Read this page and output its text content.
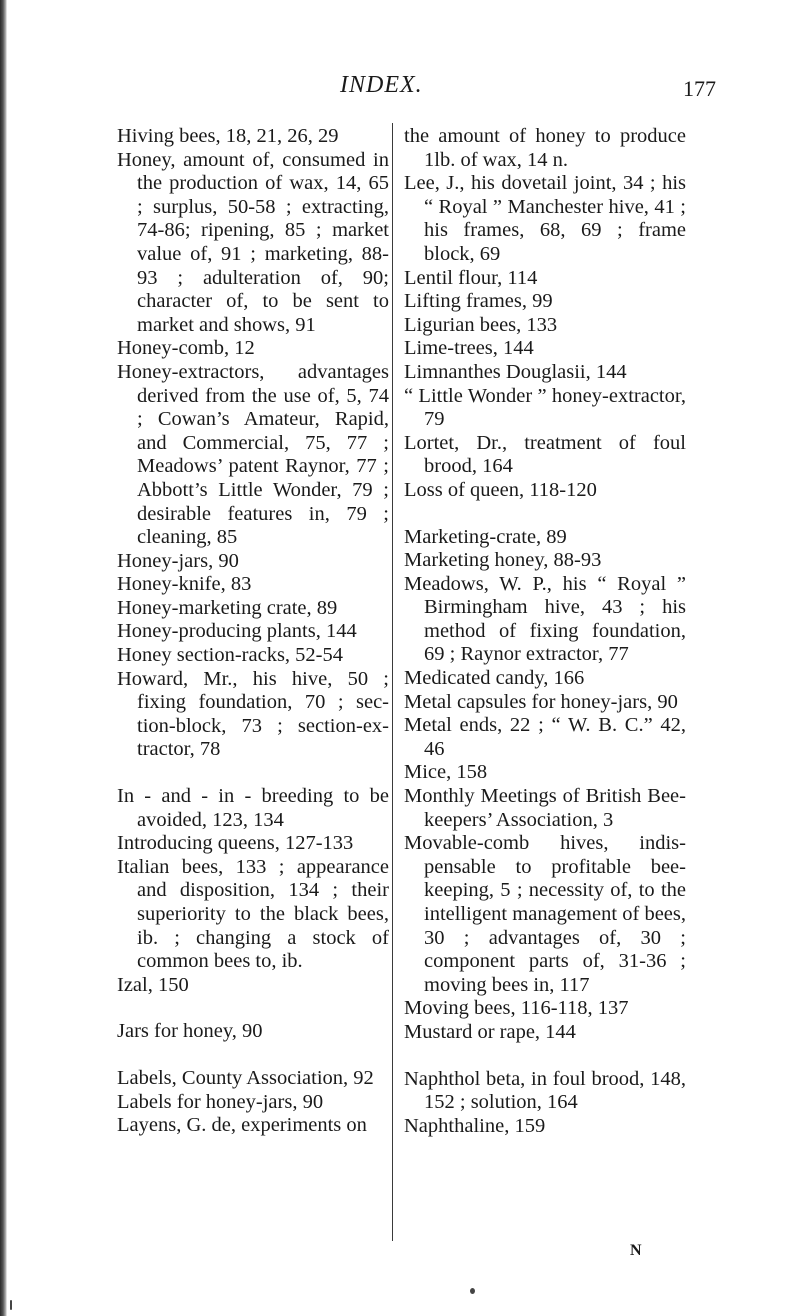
INDEX.	177
Hiving bees, 18, 21, 26, 29
Honey, amount of, consumed in the production of wax, 14, 65 ; surplus, 50-58 ; extracting, 74-86; ripening, 85 ; market value of, 91 ; marketing, 88-93 ; adulteration of, 90; character of, to be sent to market and shows, 91
Honey-comb, 12
Honey-extractors, advantages derived from the use of, 5, 74 ; Cowan’s Amateur, Rapid, and Commercial, 75, 77 ; Meadows’ patent Raynor, 77 ; Abbott’s Little Wonder, 79 ; desirable features in, 79 ; cleaning, 85
Honey-jars, 90
Honey-knife, 83
Honey-marketing crate, 89
Honey-producing plants, 144
Honey section-racks, 52-54
Howard, Mr., his hive, 50 ; fixing foundation, 70 ; section-block, 73 ; section-extractor, 78
In - and - in - breeding to be avoided, 123, 134
Introducing queens, 127-133
Italian bees, 133 ; appearance and disposition, 134 ; their superiority to the black bees, ib. ; changing a stock of common bees to, ib.
Izal, 150
Jars for honey, 90
Labels, County Association, 92
Labels for honey-jars, 90
Layens, G. de, experiments on
the amount of honey to produce 1lb. of wax, 14 n.
Lee, J., his dovetail joint, 34 ; his “ Royal ” Manchester hive, 41 ; his frames, 68, 69 ; frame block, 69
Lentil flour, 114
Lifting frames, 99
Ligurian bees, 133
Lime-trees, 144
Limnanthes Douglasii, 144
“ Little Wonder ” honey-extractor, 79
Lortet, Dr., treatment of foul brood, 164
Loss of queen, 118-120
Marketing-crate, 89
Marketing honey, 88-93
Meadows, W. P., his “ Royal ” Birmingham hive, 43 ; his method of fixing foundation, 69 ; Raynor extractor, 77
Medicated candy, 166
Metal capsules for honey-jars, 90
Metal ends, 22 ; “ W. B. C.” 42, 46
Mice, 158
Monthly Meetings of British Bee-keepers’ Association, 3
Movable-comb hives, indispensable to profitable beekeeping, 5 ; necessity of, to the intelligent management of bees, 30 ; advantages of, 30 ; component parts of, 31-36 ; moving bees in, 117
Moving bees, 116-118, 137
Mustard or rape, 144
Naphthol beta, in foul brood, 148, 152 ; solution, 164
Naphthaline, 159
N
